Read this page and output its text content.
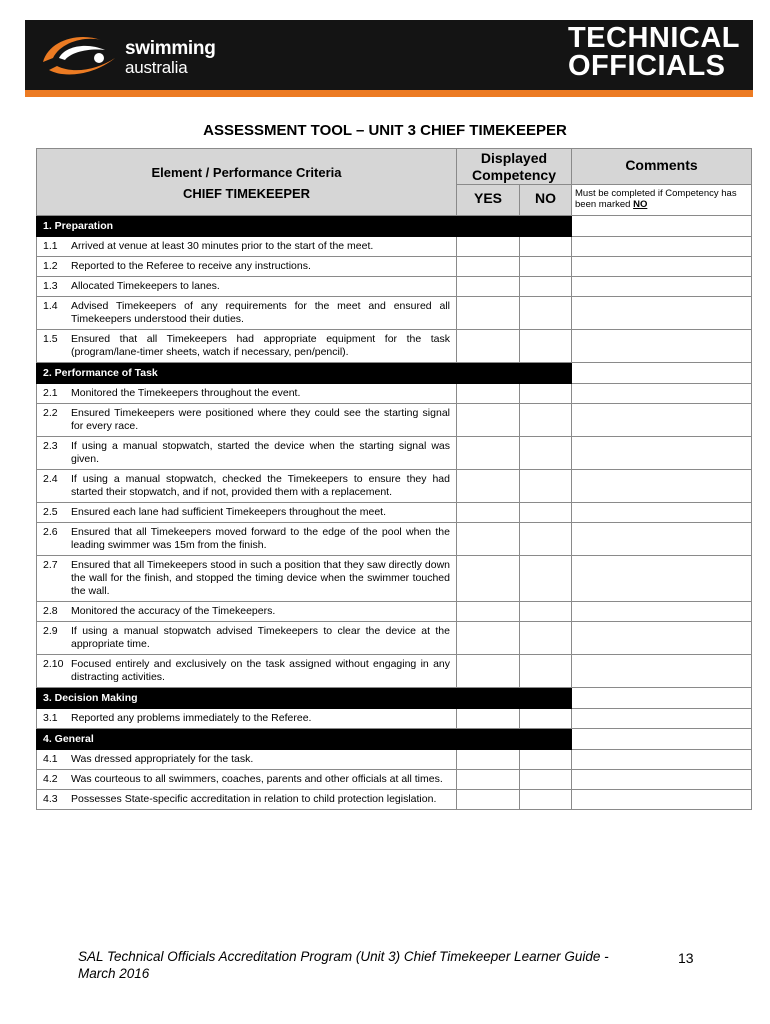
swimming
australia
TECHNICAL
OFFICIALS
ASSESSMENT TOOL – UNIT 3 CHIEF TIMEKEEPER
Element / Performance Criteria
CHIEF TIMEKEEPER	Displayed Competency		Comments
	YES	NO	Must be completed if Competency has been marked NO
1. Preparation			

1.1 Arrived at venue at least 30 minutes prior to the start of the meet.			

1.2 Reported to the Referee to receive any instructions.			

1.3 Allocated Timekeepers to lanes.			

1.4 Advised Timekeepers of any requirements for the meet and ensured all Timekeepers understood their duties.			

1.5 Ensured that all Timekeepers had appropriate equipment for the task (program/lane-timer sheets, watch if necessary, pen/pencil).			

2. Performance of Task			

2.1 Monitored the Timekeepers throughout the event.			

2.2 Ensured Timekeepers were positioned where they could see the starting signal for every race.			

2.3 If using a manual stopwatch, started the device when the starting signal was given.			

2.4 If using a manual stopwatch, checked the Timekeepers to ensure they had started their stopwatch, and if not, provided them with a replacement.			

2.5 Ensured each lane had sufficient Timekeepers throughout the meet.			

2.6 Ensured that all Timekeepers moved forward to the edge of the pool when the leading swimmer was 15m from the finish.			

2.7 Ensured that all Timekeepers stood in such a position that they saw directly down the wall for the finish, and stopped the timing device when the swimmer touched the wall.			

2.8 Monitored the accuracy of the Timekeepers.			

2.9 If using a manual stopwatch advised Timekeepers to clear the device at the appropriate time.			

2.10 Focused entirely and exclusively on the task assigned without engaging in any distracting activities.			

3. Decision Making			

3.1 Reported any problems immediately to the Referee.			

4. General			

4.1 Was dressed appropriately for the task.			

4.2 Was courteous to all swimmers, coaches, parents and other officials at all times.			

4.3 Possesses State-specific accreditation in relation to child protection legislation.			

SAL Technical Officials Accreditation Program (Unit 3) Chief Timekeeper Learner Guide - March 2016
13
